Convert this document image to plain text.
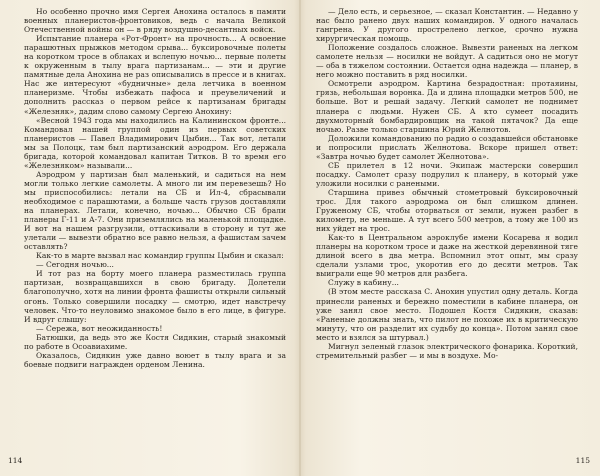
Но особенно прочно имя Сергея Анохина осталось в памяти военных планеристов-фронтовиков, ведь с начала Великой Отечественной войны он — в ряду воздушно-десантных войск.

Испытание планера «Рот-Фронт» на прочность... А освоение парашютных прыжков методом срыва... буксировочные полеты на коротком тросе в облаках и вслепую ночью... первые полеты к окруженным в тылу врага партизанам... — эти и другие памятные дела Анохина не раз описывались в прессе и в книгах. Нас же интересуют «будничные» дела летчика в военном планеризме. Чтобы избежать пафоса и преувеличений и дополнить рассказ о первом рейсе к партизанам бригады «Железняк», дадим слово самому Сергею Анохину:

«Весной 1943 года мы находились на Калининском фронте... Командовал нашей группой один из первых советских планеристов — Павел Владимирович Цыбин... Так вот, летали мы за Полоцк, там был партизанский аэродром. Его держала бригада, которой командовал капитан Титков. В то время его «Железняком» называли...

Аэродром у партизан был маленький, и садиться на нем могли только легкие самолеты. А много ли им перевезешь? Но мы приспособились: летали на СБ и Ил-4, сбрасывали необходимое с парашютами, а больше часть грузов доставляли на планерах. Летали, конечно, ночью... Обычно СБ брали планеры Г-11 и А-7. Они приземлялись на маленькой площадке. И вот на нашем разгрузили, оттаскивали в сторону и тут же улетали — вывезти обратно все равно нельзя, а фашистам зачем оставлять?

Как-то в марте вызвал нас командир группы Цыбин и сказал:

— Сегодня ночью...

И тот раз на борту моего планера разместилась группа партизан, возвращавшихся в свою бригаду. Долетели благополучно, хотя на линии фронта фашисты открыли сильный огонь. Только совершили посадку — смотрю, идет навстречу человек. Что-то неуловимо знакомое было в его лице, в фигуре. И вдруг слышу:

— Сережа, вот неожиданность!

Батюшки, да ведь это же Костя Сидякин, старый знакомый по работе в Осоавиахиме.

Оказалось, Сидякин уже давно воюет в тылу врага и за боевые подвиги награжден орденом Ленина.

114

— Дело есть, и серьезное, — сказал Константин. — Недавно у нас было ранено двух наших командиров. У одного началась гангрена. У другого простреленo легкое, срочно нужна хирургическая помощь.

Положение создалось сложное. Вывезти раненых на легком самолете нельзя — носилки не войдут. А садиться оно не могут — оба в тяжелом состоянии. Остается одна надежда — планер, в него можно поставить в ряд носилки.

Осмотрели аэродром. Картина безрадостная: протаяины, грязь, небольшая воронка. Да и длина площадки метров 500, не больше. Вот и решай задачу. Легкий самолет не поднимет планера с людьми. Нужен СБ. А кто сумеет посадить двухмоторный бомбардировщик на такой пятачок? Да еще ночью. Разве только старшина Юрий Желнотов.

Доложили командованию по радио о создавшейся обстановке и попросили прислать Желнотова. Вскоре пришел ответ: «Завтра ночью будет самолет Желнотова».

СБ прилетел в 12 ночи. Экипаж мастерски совершил посадку. Самолет сразу подрулил к планеру, в который уже уложили носилки с ранеными.

Старшина привез обычный стометровый буксировочный трос. Для такого аэродрома он был слишком длинен. Груженому СБ, чтобы оторваться от земли, нужен разбег в километр, не меньше. А тут всего 500 метров, а тому же 100 из них уйдет на трос.

Как-то в Центральном аэроклубе имени Косарева я водил планеры на коротком тросе и даже на жесткой деревянной тяге длиной всего в два метра. Вспомнил этот опыт, мы сразу сделали узлами трос, укоротив его до десяти метров. Так выиграли еще 90 метров для разбега.

Служу в кабину...

(В этом месте рассказа С. Анохин упустил одну деталь. Когда принесли раненых и бережно поместили в кабине планера, он уже занял свое место. Подошел Костя Сидякин, сказав: «Раненые должны знать, что пилот не похоже их в критическую минуту, что он разделит их судьбу до конца». Потом занял свое место и взялся за штурвал.)

Мигнул зеленый глазок электрического фонарика. Короткий, стремительный разбег — и мы в воздухе. Мо-

115
